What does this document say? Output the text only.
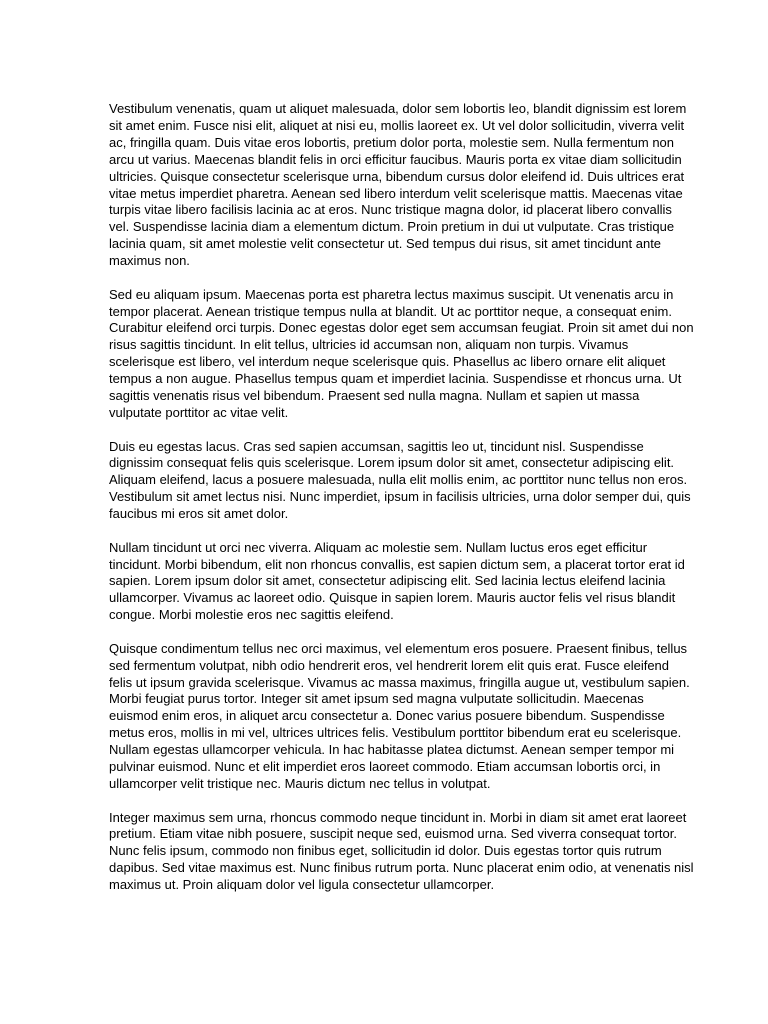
Vestibulum venenatis, quam ut aliquet malesuada, dolor sem lobortis leo, blandit dignissim est lorem sit amet enim. Fusce nisi elit, aliquet at nisi eu, mollis laoreet ex. Ut vel dolor sollicitudin, viverra velit ac, fringilla quam. Duis vitae eros lobortis, pretium dolor porta, molestie sem. Nulla fermentum non arcu ut varius. Maecenas blandit felis in orci efficitur faucibus. Mauris porta ex vitae diam sollicitudin ultricies. Quisque consectetur scelerisque urna, bibendum cursus dolor eleifend id. Duis ultrices erat vitae metus imperdiet pharetra. Aenean sed libero interdum velit scelerisque mattis. Maecenas vitae turpis vitae libero facilisis lacinia ac at eros. Nunc tristique magna dolor, id placerat libero convallis vel. Suspendisse lacinia diam a elementum dictum. Proin pretium in dui ut vulputate. Cras tristique lacinia quam, sit amet molestie velit consectetur ut. Sed tempus dui risus, sit amet tincidunt ante maximus non.

Sed eu aliquam ipsum. Maecenas porta est pharetra lectus maximus suscipit. Ut venenatis arcu in tempor placerat. Aenean tristique tempus nulla at blandit. Ut ac porttitor neque, a consequat enim. Curabitur eleifend orci turpis. Donec egestas dolor eget sem accumsan feugiat. Proin sit amet dui non risus sagittis tincidunt. In elit tellus, ultricies id accumsan non, aliquam non turpis. Vivamus scelerisque est libero, vel interdum neque scelerisque quis. Phasellus ac libero ornare elit aliquet tempus a non augue. Phasellus tempus quam et imperdiet lacinia. Suspendisse et rhoncus urna. Ut sagittis venenatis risus vel bibendum. Praesent sed nulla magna. Nullam et sapien ut massa vulputate porttitor ac vitae velit.

Duis eu egestas lacus. Cras sed sapien accumsan, sagittis leo ut, tincidunt nisl. Suspendisse dignissim consequat felis quis scelerisque. Lorem ipsum dolor sit amet, consectetur adipiscing elit. Aliquam eleifend, lacus a posuere malesuada, nulla elit mollis enim, ac porttitor nunc tellus non eros. Vestibulum sit amet lectus nisi. Nunc imperdiet, ipsum in facilisis ultricies, urna dolor semper dui, quis faucibus mi eros sit amet dolor.

Nullam tincidunt ut orci nec viverra. Aliquam ac molestie sem. Nullam luctus eros eget efficitur tincidunt. Morbi bibendum, elit non rhoncus convallis, est sapien dictum sem, a placerat tortor erat id sapien. Lorem ipsum dolor sit amet, consectetur adipiscing elit. Sed lacinia lectus eleifend lacinia ullamcorper. Vivamus ac laoreet odio. Quisque in sapien lorem. Mauris auctor felis vel risus blandit congue. Morbi molestie eros nec sagittis eleifend.

Quisque condimentum tellus nec orci maximus, vel elementum eros posuere. Praesent finibus, tellus sed fermentum volutpat, nibh odio hendrerit eros, vel hendrerit lorem elit quis erat. Fusce eleifend felis ut ipsum gravida scelerisque. Vivamus ac massa maximus, fringilla augue ut, vestibulum sapien. Morbi feugiat purus tortor. Integer sit amet ipsum sed magna vulputate sollicitudin. Maecenas euismod enim eros, in aliquet arcu consectetur a. Donec varius posuere bibendum. Suspendisse metus eros, mollis in mi vel, ultrices ultrices felis. Vestibulum porttitor bibendum erat eu scelerisque. Nullam egestas ullamcorper vehicula. In hac habitasse platea dictumst. Aenean semper tempor mi pulvinar euismod. Nunc et elit imperdiet eros laoreet commodo. Etiam accumsan lobortis orci, in ullamcorper velit tristique nec. Mauris dictum nec tellus in volutpat.

Integer maximus sem urna, rhoncus commodo neque tincidunt in. Morbi in diam sit amet erat laoreet pretium. Etiam vitae nibh posuere, suscipit neque sed, euismod urna. Sed viverra consequat tortor. Nunc felis ipsum, commodo non finibus eget, sollicitudin id dolor. Duis egestas tortor quis rutrum dapibus. Sed vitae maximus est. Nunc finibus rutrum porta. Nunc placerat enim odio, at venenatis nisl maximus ut. Proin aliquam dolor vel ligula consectetur ullamcorper.
